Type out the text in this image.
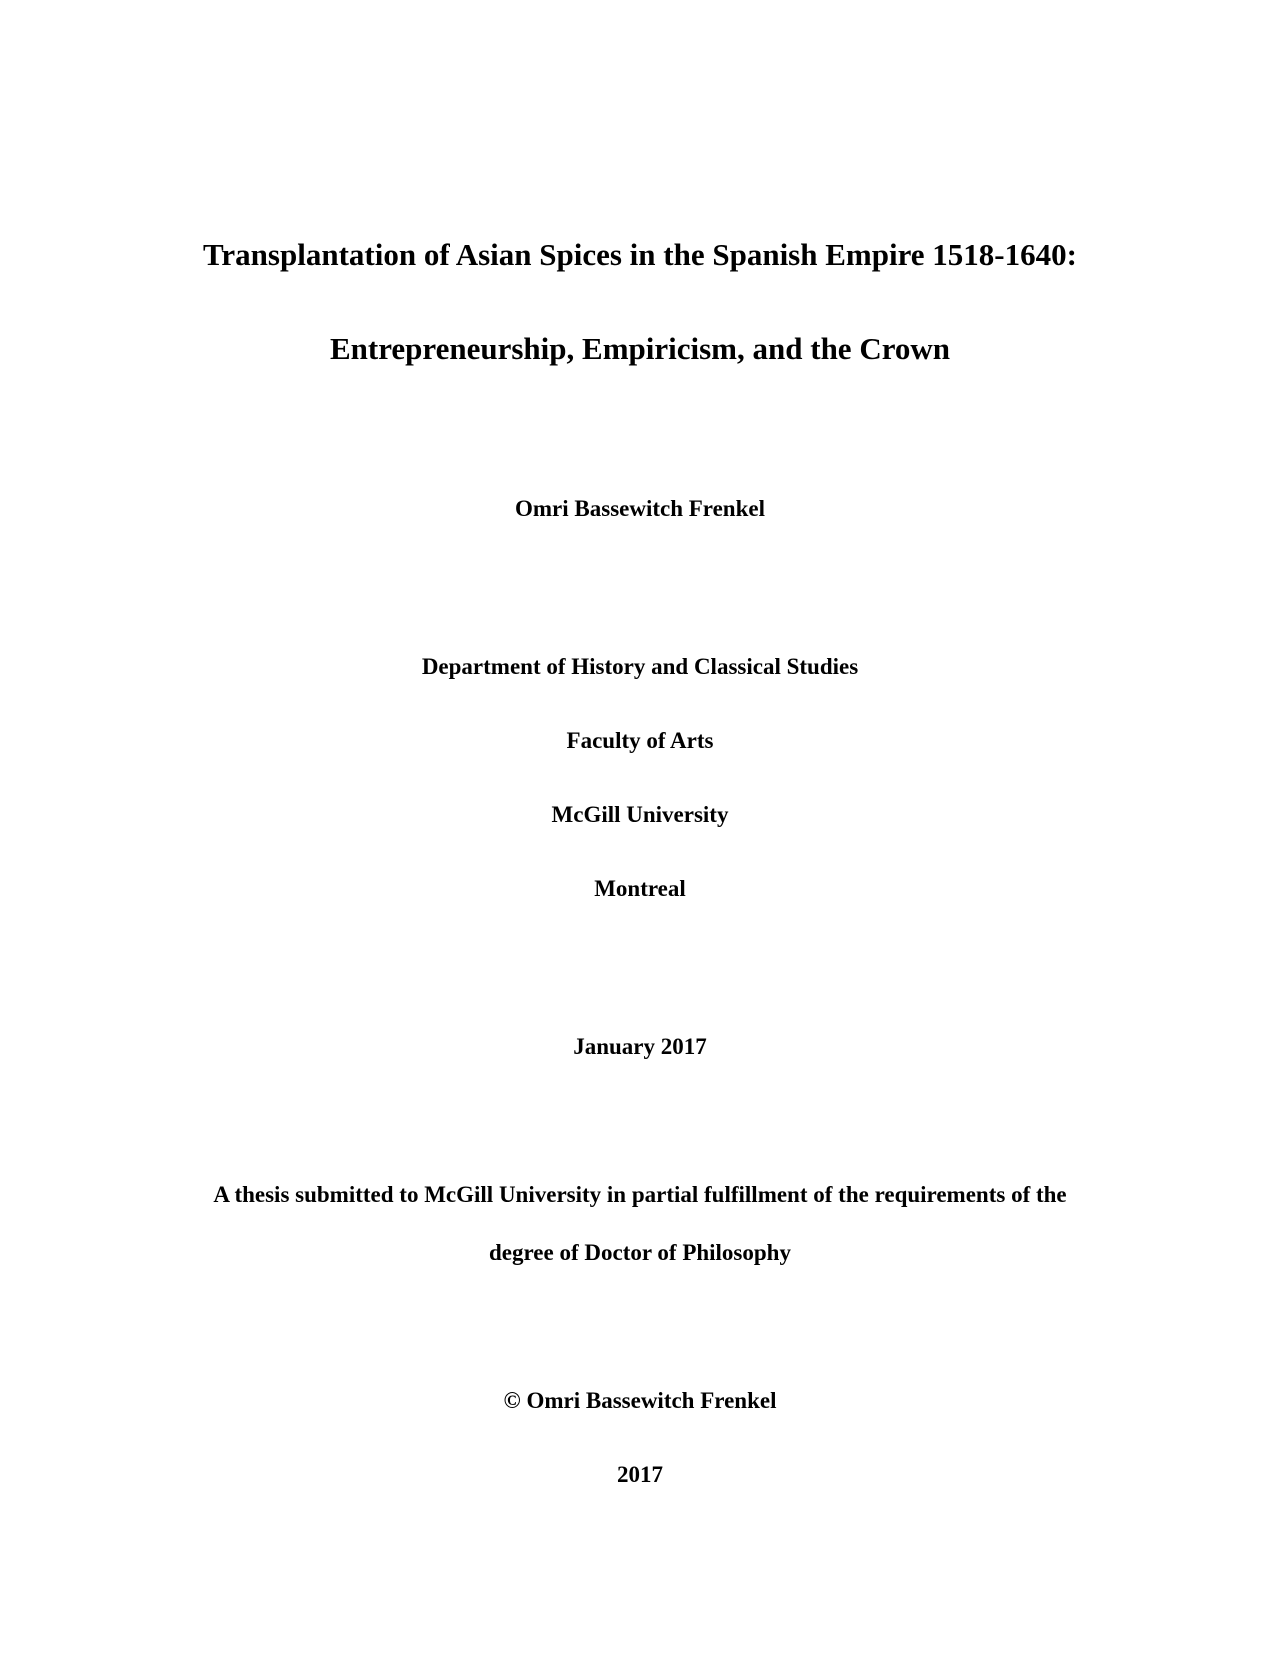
Transplantation of Asian Spices in the Spanish Empire 1518-1640:
Entrepreneurship, Empiricism, and the Crown
Omri Bassewitch Frenkel
Department of History and Classical Studies
Faculty of Arts
McGill University
Montreal
January 2017
A thesis submitted to McGill University in partial fulfillment of the requirements of the
degree of Doctor of Philosophy
© Omri Bassewitch Frenkel
2017
